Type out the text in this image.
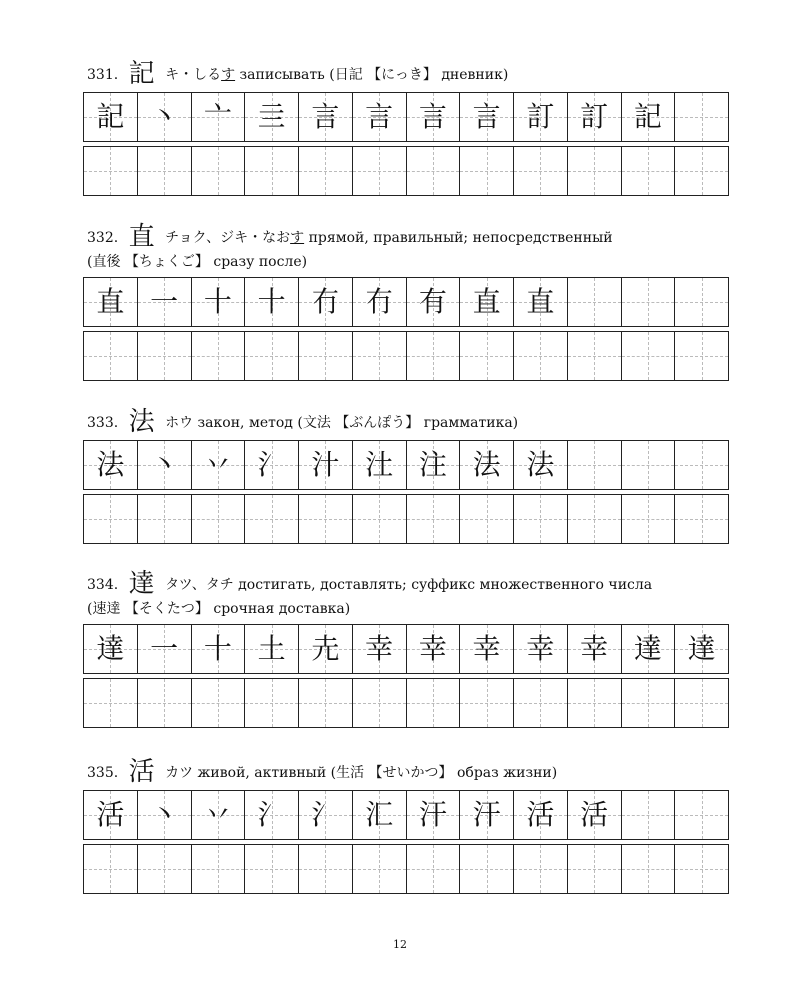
331. 記 キ・しるす записывать (日記 【にっき】 дневник)
記 丶 亠 亖 言 言 言 言 訂 訂 記
332. 直 チョク、ジキ・なおす прямой, правильный; непосредственный
(直後 【ちょくご】 сразу после)
直 一 十 十 冇 冇 有 直 直
333. 法 ホウ закон, метод (文法 【ぶんぽう】 грамматика)
法 丶 丷 氵 汁 汢 注 法 法
334. 達 タツ、タチ достигать, доставлять; суффикс множественного числа
(速達 【そくたつ】 срочная доставка)
達 一 十 土 圥 幸 幸 幸 幸 幸 達 達
335. 活 カツ живой, активный (生活 【せいかつ】 образ жизни)
活 丶 丷 氵 氵 汇 汗 汗 活 活
12
